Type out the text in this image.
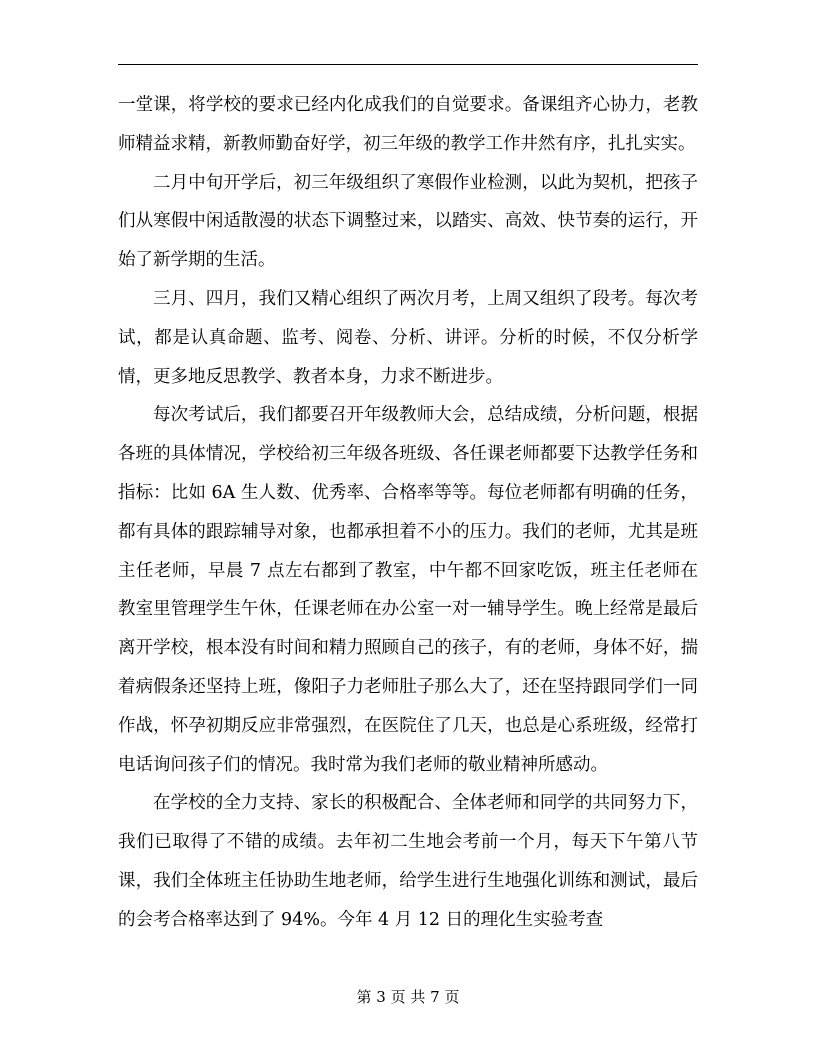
一堂课，将学校的要求已经内化成我们的自觉要求。备课组齐心协力，老教师精益求精，新教师勤奋好学，初三年级的教学工作井然有序，扎扎实实。

二月中旬开学后，初三年级组织了寒假作业检测，以此为契机，把孩子们从寒假中闲适散漫的状态下调整过来，以踏实、高效、快节奏的运行，开始了新学期的生活。

三月、四月，我们又精心组织了两次月考，上周又组织了段考。每次考试，都是认真命题、监考、阅卷、分析、讲评。分析的时候，不仅分析学情，更多地反思教学、教者本身，力求不断进步。

每次考试后，我们都要召开年级教师大会，总结成绩，分析问题，根据各班的具体情况，学校给初三年级各班级、各任课老师都要下达教学任务和指标：比如 6A 生人数、优秀率、合格率等等。每位老师都有明确的任务，都有具体的跟踪辅导对象，也都承担着不小的压力。我们的老师，尤其是班主任老师，早晨 7 点左右都到了教室，中午都不回家吃饭，班主任老师在教室里管理学生午休，任课老师在办公室一对一辅导学生。晚上经常是最后离开学校，根本没有时间和精力照顾自己的孩子，有的老师，身体不好，揣着病假条还坚持上班，像阳子力老师肚子那么大了，还在坚持跟同学们一同作战，怀孕初期反应非常强烈，在医院住了几天，也总是心系班级，经常打电话询问孩子们的情况。我时常为我们老师的敬业精神所感动。

在学校的全力支持、家长的积极配合、全体老师和同学的共同努力下，我们已取得了不错的成绩。去年初二生地会考前一个月，每天下午第八节课，我们全体班主任协助生地老师，给学生进行生地强化训练和测试，最后的会考合格率达到了 94%。今年 4 月 12 日的理化生实验考查

第 3 页 共 7 页
